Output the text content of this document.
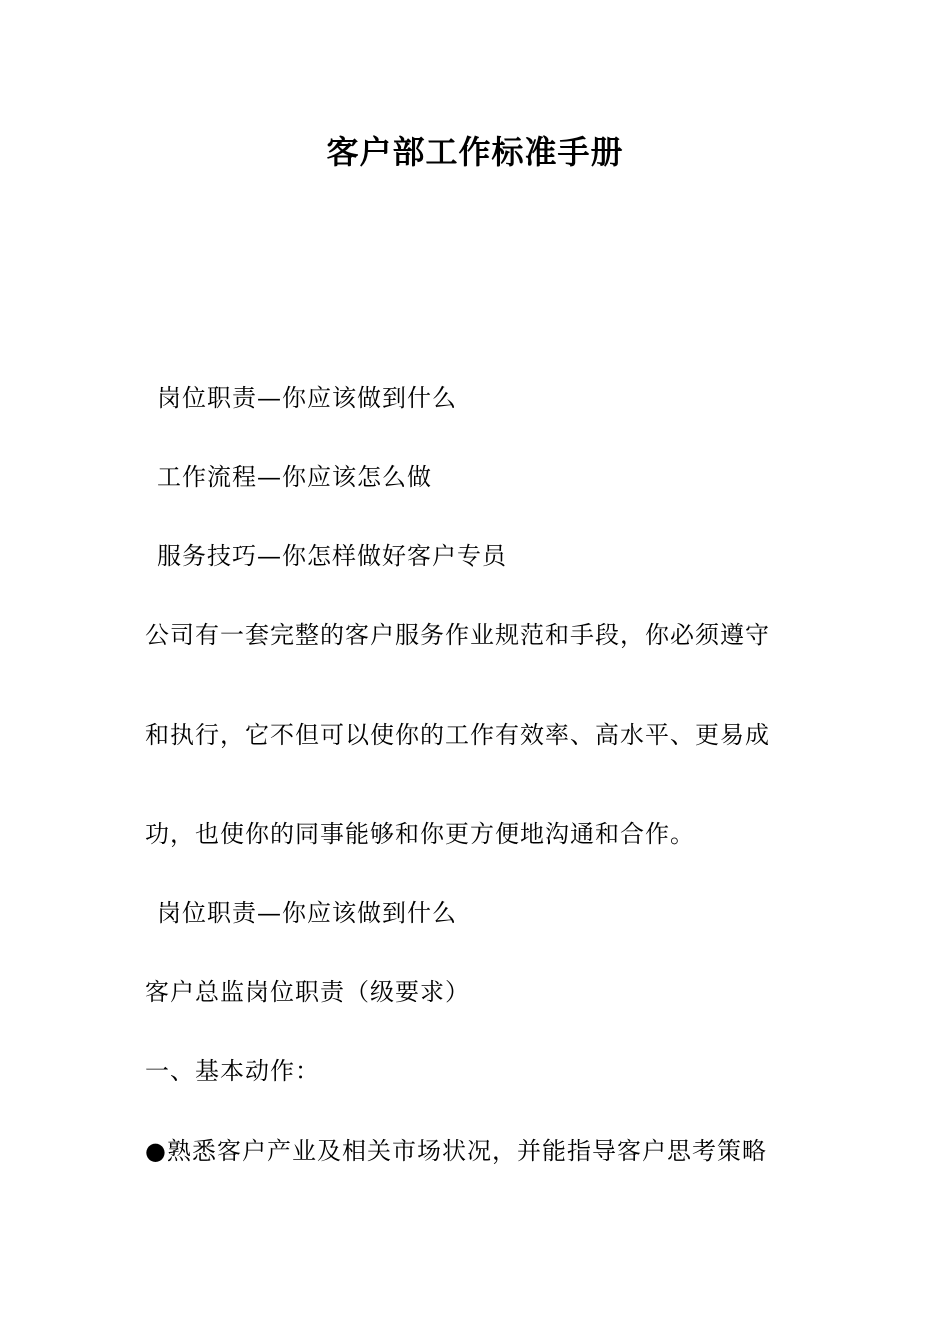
客户部工作标准手册
岗位职责—你应该做到什么
工作流程—你应该怎么做
服务技巧—你怎样做好客户专员
公司有一套完整的客户服务作业规范和手段，你必须遵守
和执行，它不但可以使你的工作有效率、高水平、更易成
功，也使你的同事能够和你更方便地沟通和合作。
岗位职责—你应该做到什么
客户总监岗位职责（级要求）
一、基本动作：
●熟悉客户产业及相关市场状况，并能指导客户思考策略
